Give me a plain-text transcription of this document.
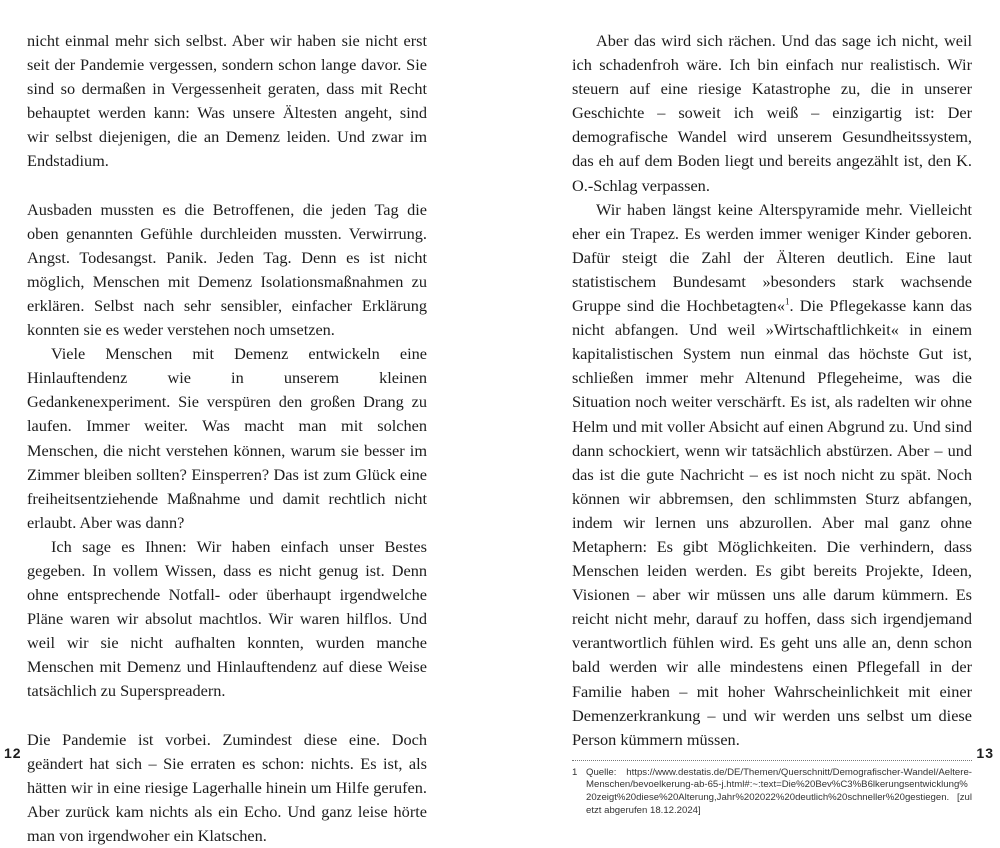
nicht einmal mehr sich selbst. Aber wir haben sie nicht erst seit der Pandemie vergessen, sondern schon lange davor. Sie sind so dermaßen in Vergessenheit geraten, dass mit Recht behauptet werden kann: Was unsere Ältesten angeht, sind wir selbst diejenigen, die an Demenz leiden. Und zwar im Endstadium.

Ausbaden mussten es die Betroffenen, die jeden Tag die oben genannten Gefühle durchleiden mussten. Verwirrung. Angst. Todesangst. Panik. Jeden Tag. Denn es ist nicht möglich, Menschen mit Demenz Isolationsmaßnahmen zu erklären. Selbst nach sehr sensibler, einfacher Erklärung konnten sie es weder verstehen noch umsetzen.

Viele Menschen mit Demenz entwickeln eine Hinlauftendenz wie in unserem kleinen Gedankenexperiment. Sie verspüren den großen Drang zu laufen. Immer weiter. Was macht man mit solchen Menschen, die nicht verstehen können, warum sie besser im Zimmer bleiben sollten? Einsperren? Das ist zum Glück eine freiheitsentziehende Maßnahme und damit rechtlich nicht erlaubt. Aber was dann?

Ich sage es Ihnen: Wir haben einfach unser Bestes gegeben. In vollem Wissen, dass es nicht genug ist. Denn ohne entsprechende Notfall- oder überhaupt irgendwelche Pläne waren wir absolut machtlos. Wir waren hilflos. Und weil wir sie nicht aufhalten konnten, wurden manche Menschen mit Demenz und Hinlauftendenz auf diese Weise tatsächlich zu Superspreadern.

Die Pandemie ist vorbei. Zumindest diese eine. Doch geändert hat sich – Sie erraten es schon: nichts. Es ist, als hätten wir in eine riesige Lagerhalle hinein um Hilfe gerufen. Aber zurück kam nichts als ein Echo. Und ganz leise hörte man von irgendwoher ein Klatschen.

Aber das wird sich rächen. Und das sage ich nicht, weil ich schadenfroh wäre. Ich bin einfach nur realistisch. Wir steuern auf eine riesige Katastrophe zu, die in unserer Geschichte – soweit ich weiß – einzigartig ist: Der demografische Wandel wird unserem Gesundheitssystem, das eh auf dem Boden liegt und bereits angezählt ist, den K. O.-Schlag verpassen.

Wir haben längst keine Alterspyramide mehr. Vielleicht eher ein Trapez. Es werden immer weniger Kinder geboren. Dafür steigt die Zahl der Älteren deutlich. Eine laut statistischem Bundesamt »besonders stark wachsende Gruppe sind die Hochbetagten«$^1$. Die Pflegekasse kann das nicht abfangen. Und weil »Wirtschaftlichkeit« in einem kapitalistischen System nun einmal das höchste Gut ist, schließen immer mehr Altenund Pflegeheime, was die Situation noch weiter verschärft. Es ist, als radelten wir ohne Helm und mit voller Absicht auf einen Abgrund zu. Und sind dann schockiert, wenn wir tatsächlich abstürzen. Aber – und das ist die gute Nachricht – es ist noch nicht zu spät. Noch können wir abbremsen, den schlimmsten Sturz abfangen, indem wir lernen uns abzurollen. Aber mal ganz ohne Metaphern: Es gibt Möglichkeiten. Die verhindern, dass Menschen leiden werden. Es gibt bereits Projekte, Ideen, Visionen – aber wir müssen uns alle darum kümmern. Es reicht nicht mehr, darauf zu hoffen, dass sich irgendjemand verantwortlich fühlen wird. Es geht uns alle an, denn schon bald werden wir alle mindestens einen Pflegefall in der Familie haben – mit hoher Wahrscheinlichkeit mit einer Demenzerkrankung – und wir werden uns selbst um diese Person kümmern müssen.

1 Quelle: https://www.destatis.de/DE/Themen/Querschnitt/Demografischer-Wandel/Aeltere-Menschen/bevoelkerung-ab-65-j.html#:~:text=Die%20Bev%C3%B6lkerungsentwicklung%20zeigt%20diese%20Alterung,Jahr%202022%20deutlich%20schneller%20gestiegen. [zuletzt abgerufen 18.12.2024]
12	13
